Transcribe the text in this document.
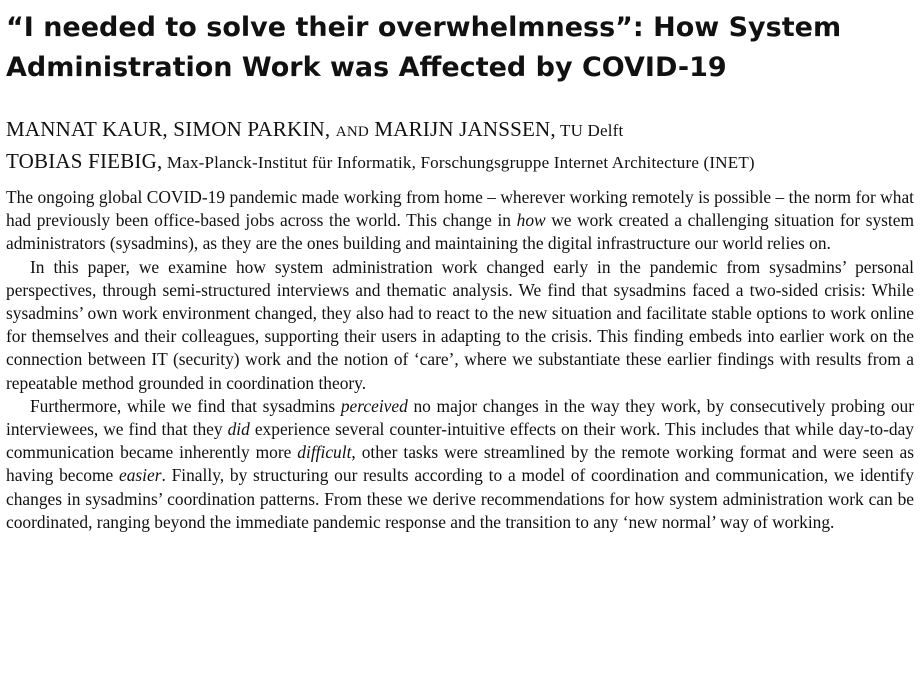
“I needed to solve their overwhelmness”: How System
Administration Work was Affected by COVID-19
MANNAT KAUR, SIMON PARKIN, and MARIJN JANSSEN, TU Delft
TOBIAS FIEBIG, Max-Planck-Institut für Informatik, Forschungsgruppe Internet Architecture (INET)

The ongoing global COVID-19 pandemic made working from home – wherever working remotely is possible – the norm for what had previously been office-based jobs across the world. This change in how we work created a challenging situation for system administrators (sysadmins), as they are the ones building and maintaining the digital infrastructure our world relies on.

In this paper, we examine how system administration work changed early in the pandemic from sysadmins’ personal perspectives, through semi-structured interviews and thematic analysis. We find that sysadmins faced a two-sided crisis: While sysadmins’ own work environment changed, they also had to react to the new situation and facilitate stable options to work online for themselves and their colleagues, supporting their users in adapting to the crisis. This finding embeds into earlier work on the connection between IT (security) work and the notion of ‘care’, where we substantiate these earlier findings with results from a repeatable method grounded in coordination theory.

Furthermore, while we find that sysadmins perceived no major changes in the way they work, by consecutively probing our interviewees, we find that they did experience several counter-intuitive effects on their work. This includes that while day-to-day communication became inherently more difficult, other tasks were streamlined by the remote working format and were seen as having become easier. Finally, by structuring our results according to a model of coordination and communication, we identify changes in sysadmins’ coordination patterns. From these we derive recommendations for how system administration work can be coordinated, ranging beyond the immediate pandemic response and the transition to any ‘new normal’ way of working.
